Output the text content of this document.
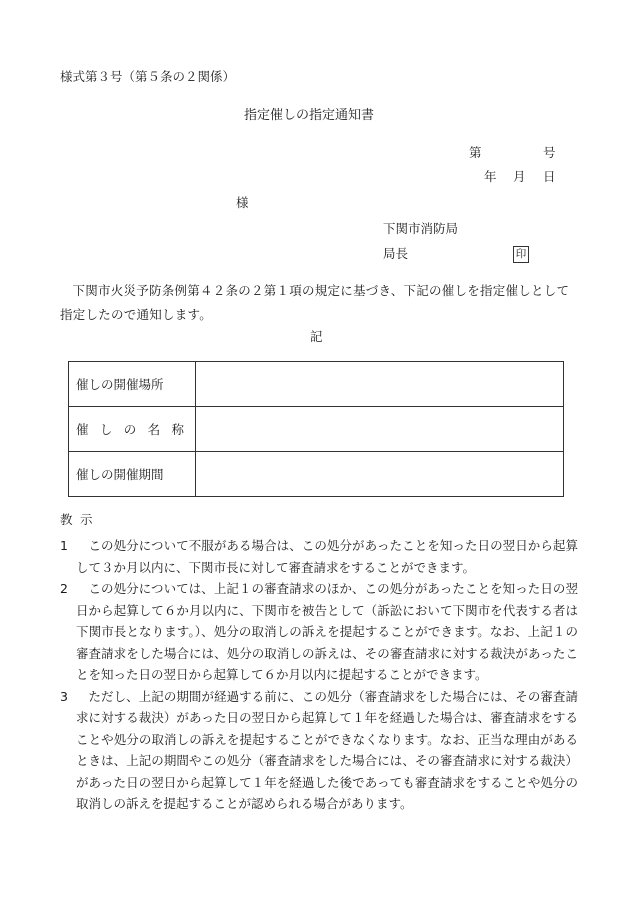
様式第３号（第５条の２関係）
指定催しの指定通知書
第	号
年 月 日
様
下関市消防局
局長	印
下関市火災予防条例第４２条の２第１項の規定に基づき、下記の催しを指定催しとして指定したので通知します。
記
催しの開催場所	

催 し の 名 称	

催しの開催期間	

教示
1	この処分について不服がある場合は、この処分があったことを知った日の翌日から起算して３か月以内に、下関市長に対して審査請求をすることができます。
2	この処分については、上記１の審査請求のほか、この処分があったことを知った日の翌日から起算して６か月以内に、下関市を被告として（訴訟において下関市を代表する者は下関市長となります。）、処分の取消しの訴えを提起することができます。なお、上記１の審査請求をした場合には、処分の取消しの訴えは、その審査請求に対する裁決があったことを知った日の翌日から起算して６か月以内に提起することができます。
3	ただし、上記の期間が経過する前に、この処分（審査請求をした場合には、その審査請求に対する裁決）があった日の翌日から起算して１年を経過した場合は、審査請求をすることや処分の取消しの訴えを提起することができなくなります。なお、正当な理由があるときは、上記の期間やこの処分（審査請求をした場合には、その審査請求に対する裁決）があった日の翌日から起算して１年を経過した後であっても審査請求をすることや処分の取消しの訴えを提起することが認められる場合があります。
